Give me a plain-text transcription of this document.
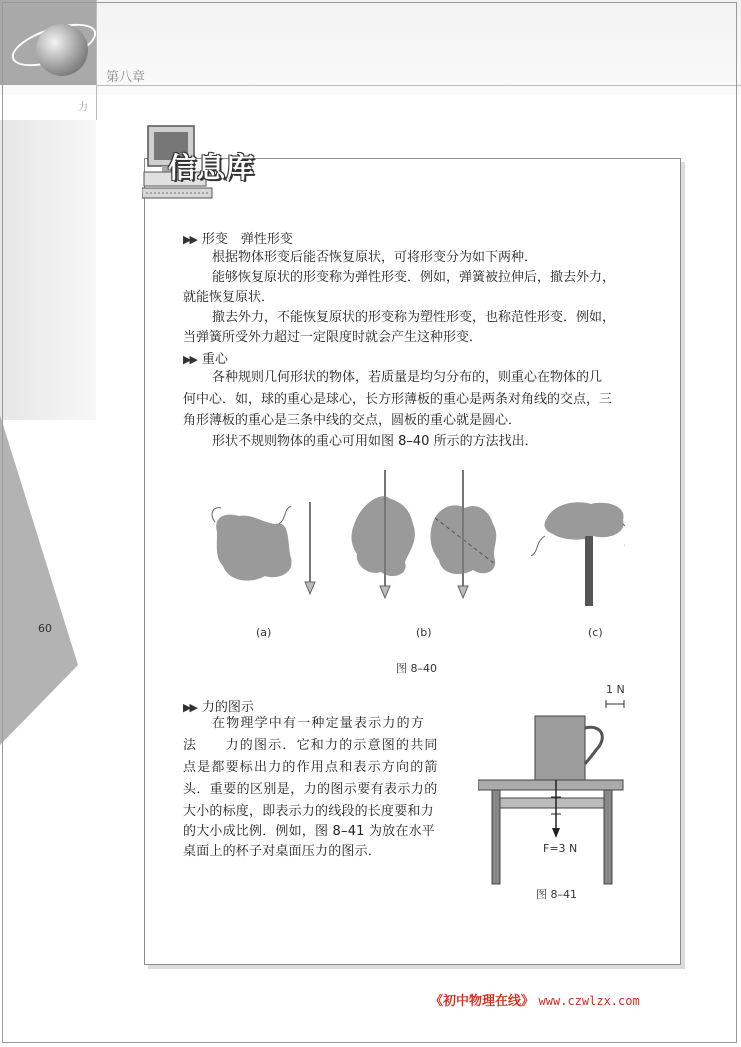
第八章
力
60
信息库
▶▶ 形变　弹性形变
根据物体形变后能否恢复原状，可将形变分为如下两种．
能够恢复原状的形变称为弹性形变．例如，弹簧被拉伸后，撤去外力，
就能恢复原状．
撤去外力，不能恢复原状的形变称为塑性形变，也称范性形变．例如，
当弹簧所受外力超过一定限度时就会产生这种形变．
▶▶ 重心
各种规则几何形状的物体，若质量是均匀分布的，则重心在物体的几
何中心．如，球的重心是球心，长方形薄板的重心是两条对角线的交点，三
角形薄板的重心是三条中线的交点，圆板的重心就是圆心．
形状不规则物体的重心可用如图 8–40 所示的方法找出．
(a)	(b)	(c)
图 8–40
▶▶ 力的图示
在物理学中有一种定量表示力的方
法　　力的图示．它和力的示意图的共同
点是都要标出力的作用点和表示方向的箭
头．重要的区别是，力的图示要有表示力的
大小的标度，即表示力的线段的长度要和力
的大小成比例．例如，图 8–41 为放在水平
桌面上的杯子对桌面压力的图示．
1 N
F=3 N
图 8–41
《初中物理在线》 www.czwlzx.com
